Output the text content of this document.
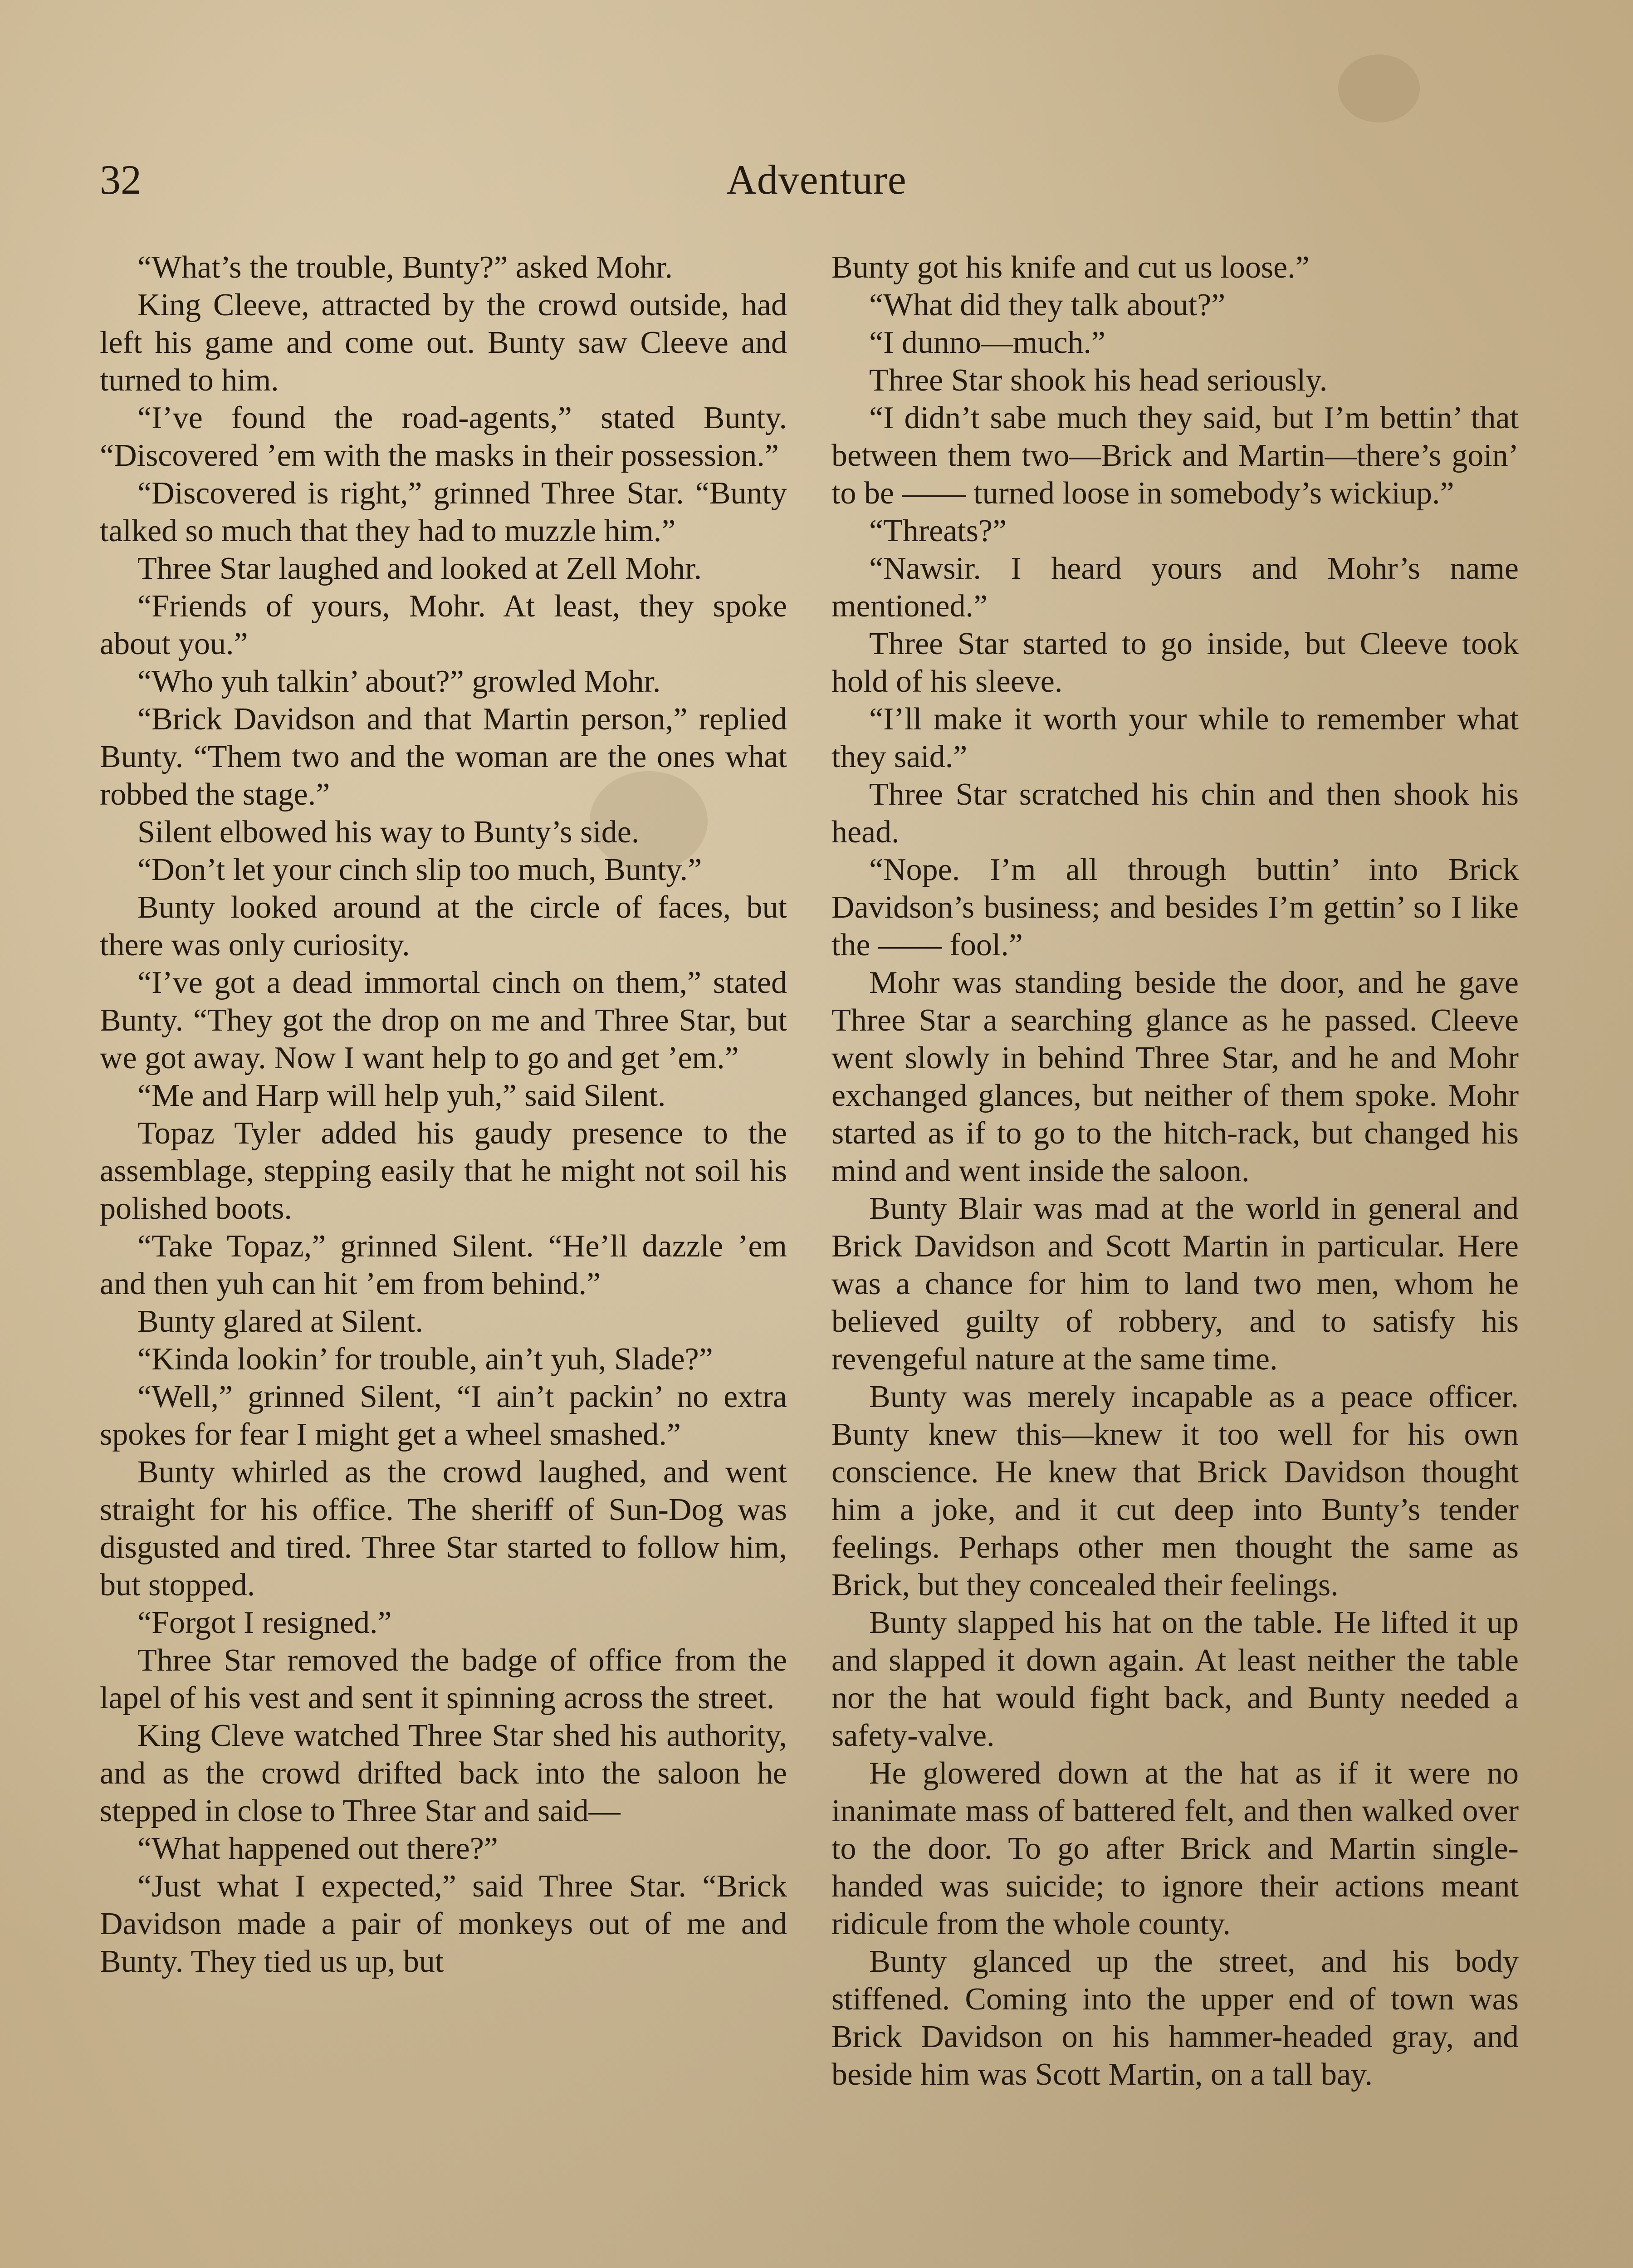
32	Adventure

“What’s the trouble, Bunty?” asked Mohr.

King Cleeve, attracted by the crowd outside, had left his game and come out. Bunty saw Cleeve and turned to him.

“I’ve found the road-agents,” stated Bunty. “Discovered ’em with the masks in their possession.”

“Discovered is right,” grinned Three Star. “Bunty talked so much that they had to muzzle him.”

Three Star laughed and looked at Zell Mohr.

“Friends of yours, Mohr. At least, they spoke about you.”

“Who yuh talkin’ about?” growled Mohr.

“Brick Davidson and that Martin person,” replied Bunty. “Them two and the woman are the ones what robbed the stage.”

Silent elbowed his way to Bunty’s side.

“Don’t let your cinch slip too much, Bunty.”

Bunty looked around at the circle of faces, but there was only curiosity.

“I’ve got a dead immortal cinch on them,” stated Bunty. “They got the drop on me and Three Star, but we got away. Now I want help to go and get ’em.”

“Me and Harp will help yuh,” said Silent.

Topaz Tyler added his gaudy presence to the assemblage, stepping easily that he might not soil his polished boots.

“Take Topaz,” grinned Silent. “He’ll dazzle ’em and then yuh can hit ’em from behind.”

Bunty glared at Silent.

“Kinda lookin’ for trouble, ain’t yuh, Slade?”

“Well,” grinned Silent, “I ain’t packin’ no extra spokes for fear I might get a wheel smashed.”

Bunty whirled as the crowd laughed, and went straight for his office. The sheriff of Sun-Dog was disgusted and tired. Three Star started to follow him, but stopped.

“Forgot I resigned.”

Three Star removed the badge of office from the lapel of his vest and sent it spinning across the street.

King Cleve watched Three Star shed his authority, and as the crowd drifted back into the saloon he stepped in close to Three Star and said—

“What happened out there?”

“Just what I expected,” said Three Star. “Brick Davidson made a pair of monkeys out of me and Bunty. They tied us up, but

Bunty got his knife and cut us loose.”

“What did they talk about?”

“I dunno—much.”

Three Star shook his head seriously.

“I didn’t sabe much they said, but I’m bettin’ that between them two—Brick and Martin—there’s goin’ to be —— turned loose in somebody’s wickiup.”

“Threats?”

“Nawsir. I heard yours and Mohr’s name mentioned.”

Three Star started to go inside, but Cleeve took hold of his sleeve.

“I’ll make it worth your while to remember what they said.”

Three Star scratched his chin and then shook his head.

“Nope. I’m all through buttin’ into Brick Davidson’s business; and besides I’m gettin’ so I like the —— fool.”

Mohr was standing beside the door, and he gave Three Star a searching glance as he passed. Cleeve went slowly in behind Three Star, and he and Mohr exchanged glances, but neither of them spoke. Mohr started as if to go to the hitch-rack, but changed his mind and went inside the saloon.

Bunty Blair was mad at the world in general and Brick Davidson and Scott Martin in particular. Here was a chance for him to land two men, whom he believed guilty of robbery, and to satisfy his revengeful nature at the same time.

Bunty was merely incapable as a peace officer. Bunty knew this—knew it too well for his own conscience. He knew that Brick Davidson thought him a joke, and it cut deep into Bunty’s tender feelings. Perhaps other men thought the same as Brick, but they concealed their feelings.

Bunty slapped his hat on the table. He lifted it up and slapped it down again. At least neither the table nor the hat would fight back, and Bunty needed a safety-valve.

He glowered down at the hat as if it were no inanimate mass of battered felt, and then walked over to the door. To go after Brick and Martin single-handed was suicide; to ignore their actions meant ridicule from the whole county.

Bunty glanced up the street, and his body stiffened. Coming into the upper end of town was Brick Davidson on his hammer-headed gray, and beside him was Scott Martin, on a tall bay.
